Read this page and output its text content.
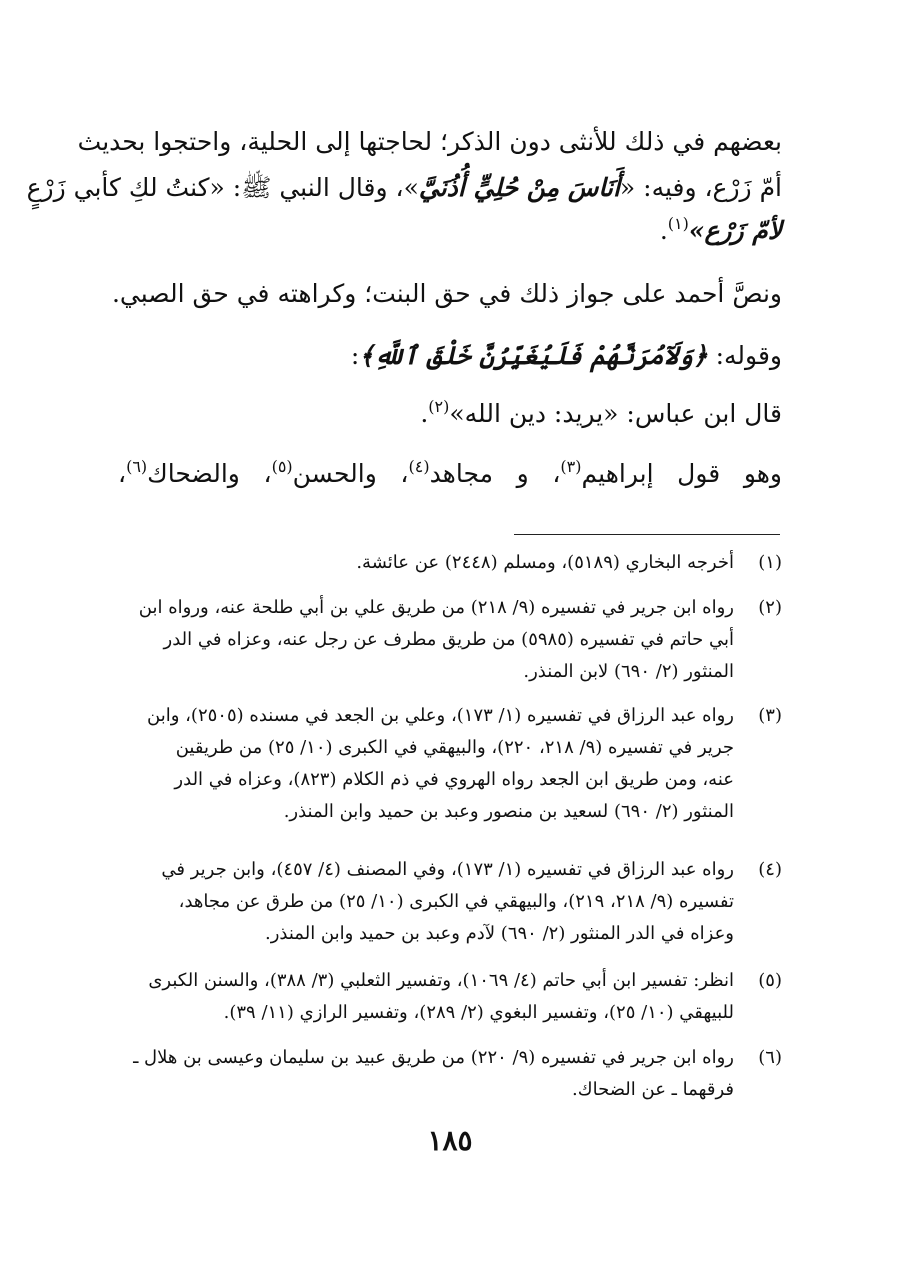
بعضهم في ذلك للأنثى دون الذكر؛ لحاجتها إلى الحلية، واحتجوا بحديث
أمّ زَرْع، وفيه: «أَنَاسَ مِنْ حُلِيٍّ أُذُنَيَّ»، وقال النبي ﷺ: «كنتُ لكِ كأبي زَرْعٍ
لأمّ زَرْع»$^{(١)}$.
ونصَّ أحمد على جواز ذلك في حق البنت؛ وكراهته في حق الصبي.
وقوله: ﴿وَلَآمُرَنَّهُمْ فَلَيُغَيِّرُنَّ خَلْقَ ٱللَّهِ﴾:
قال ابن عباس: «يريد: دين الله»$^{(٢)}$.
وهو قول إبراهيم$^{(٣)}$، و مجاهد$^{(٤)}$، والحسن$^{(٥)}$، والضحاك$^{(٦)}$،
(١)
أخرجه البخاري (٥١٨٩)، ومسلم (٢٤٤٨) عن عائشة.
(٢)
رواه ابن جرير في تفسيره (٩/ ٢١٨) من طريق علي بن أبي طلحة عنه، ورواه ابن
أبي حاتم في تفسيره (٥٩٨٥) من طريق مطرف عن رجل عنه، وعزاه في الدر
المنثور (٢/ ٦٩٠) لابن المنذر.
(٣)
رواه عبد الرزاق في تفسيره (١/ ١٧٣)، وعلي بن الجعد في مسنده (٢٥٠٥)، وابن
جرير في تفسيره (٩/ ٢١٨، ٢٢٠)، والبيهقي في الكبرى (١٠/ ٢٥) من طريقين
عنه، ومن طريق ابن الجعد رواه الهروي في ذم الكلام (٨٢٣)، وعزاه في الدر
المنثور (٢/ ٦٩٠) لسعيد بن منصور وعبد بن حميد وابن المنذر.
(٤)
رواه عبد الرزاق في تفسيره (١/ ١٧٣)، وفي المصنف (٤/ ٤٥٧)، وابن جرير في
تفسيره (٩/ ٢١٨، ٢١٩)، والبيهقي في الكبرى (١٠/ ٢٥) من طرق عن مجاهد،
وعزاه في الدر المنثور (٢/ ٦٩٠) لآدم وعبد بن حميد وابن المنذر.
(٥)
انظر: تفسير ابن أبي حاتم (٤/ ١٠٦٩)، وتفسير الثعلبي (٣/ ٣٨٨)، والسنن الكبرى
للبيهقي (١٠/ ٢٥)، وتفسير البغوي (٢/ ٢٨٩)، وتفسير الرازي (١١/ ٣٩).
(٦)
رواه ابن جرير في تفسيره (٩/ ٢٢٠) من طريق عبيد بن سليمان وعيسى بن هلال ـ
فرقهما ـ عن الضحاك.
١٨٥
